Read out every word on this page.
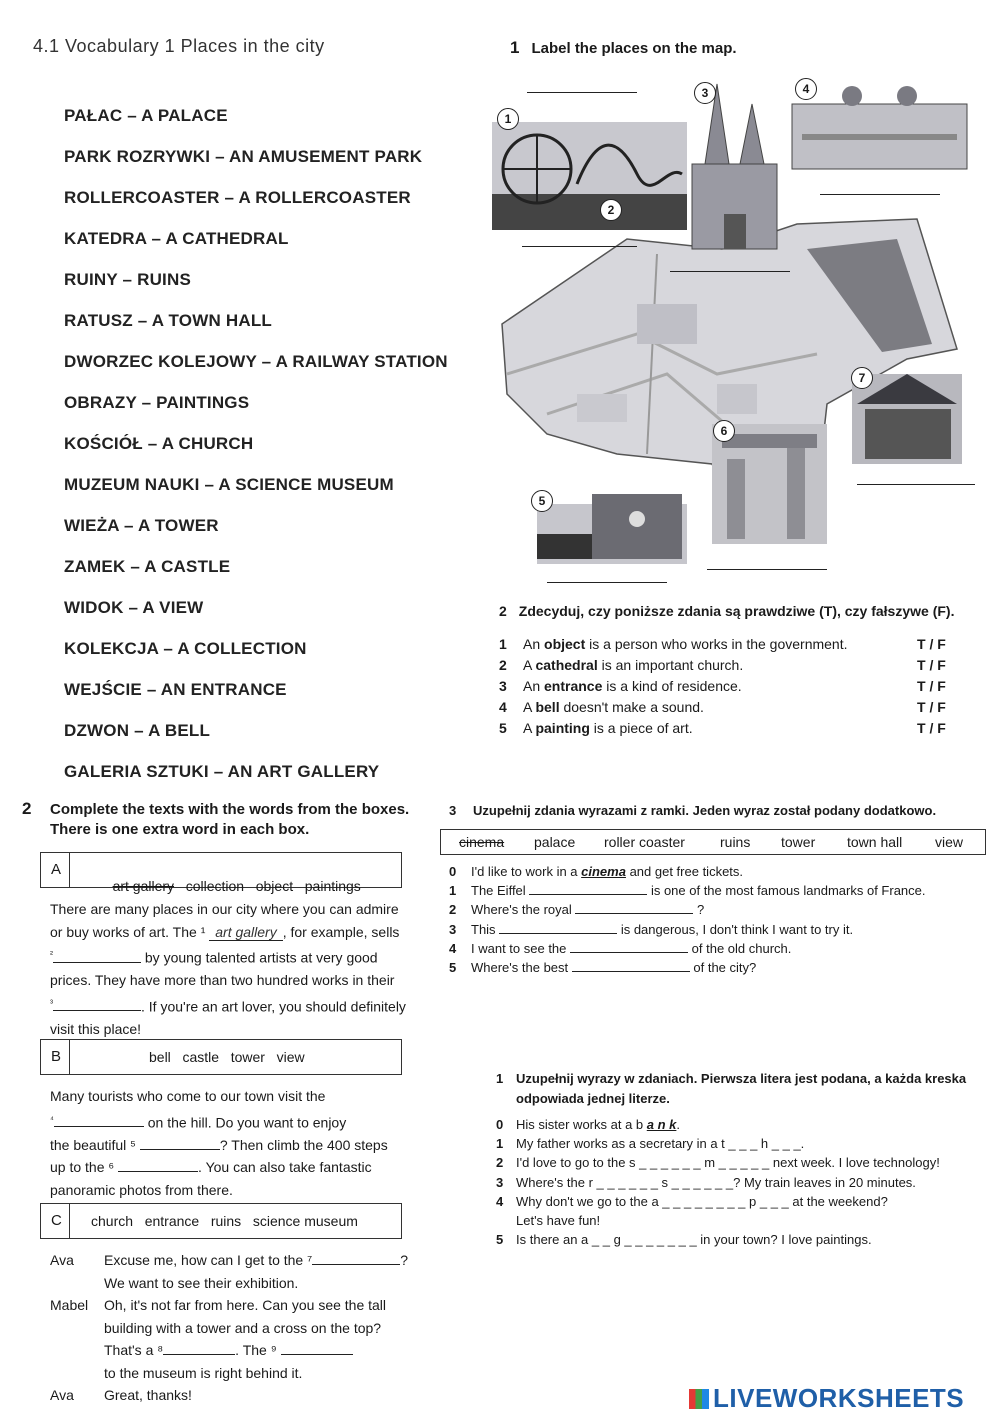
4.1 Vocabulary 1 Places in the city
PAŁAC – A PALACE
PARK ROZRYWKI – AN AMUSEMENT PARK
ROLLERCOASTER – A ROLLERCOASTER
KATEDRA – A CATHEDRAL
RUINY – RUINS
RATUSZ – A TOWN HALL
DWORZEC KOLEJOWY – A RAILWAY STATION
OBRAZY – PAINTINGS
KOŚCIÓŁ – A CHURCH
MUZEUM NAUKI – A SCIENCE MUSEUM
WIEŻA – A TOWER
ZAMEK – A CASTLE
WIDOK – A VIEW
KOLEKCJA – A COLLECTION
WEJŚCIE – AN ENTRANCE
DZWON – A BELL
GALERIA SZTUKI – AN ART GALLERY
1 Label the places on the map.
1
2
3	4
5
6
7
2 Zdecyduj, czy poniższe zdania są prawdziwe (T), czy fałszywe (F).
1 An object is a person who works in the government.	T / F
2 A cathedral is an important church.	T / F
3 An entrance is a kind of residence.	T / F
4 A bell doesn't make a sound.	T / F
5 A painting is a piece of art.	T / F
2 Complete the texts with the words from the boxes.
There is one extra word in each box.
A

art gallery collection   object   paintings

There are many places in our city where you can admire
or buy works of art. The ¹ art gallery , for example, sells
$^{^2}$	by young talented artists at very good
prices. They have more than two hundred works in their
$^{^3}$	. If you're an art lover, you should definitely
visit this place!
B	bell   castle   tower   view
Many tourists who come to our town visit the
$^{^4}$	on the hill. Do you want to enjoy
the beautiful ⁵	? Then climb the 400 steps
up to the ⁶	. You can also take fantastic
panoramic photos from there.
C church   entrance   ruins   science museum
Ava Excuse me, how can I get to the ⁷	?
We want to see their exhibition.
Mabel Oh, it's not far from here. Can you see the tall
building with a tower and a cross on the top?
That's a ⁸	. The ⁹
to the museum is right behind it.
Ava Great, thanks!
3 Uzupełnij zdania wyrazami z ramki. Jeden wyraz został podany dodatkowo.
cinema palace roller coaster	ruins tower town hall view
0 I'd like to work in a cinema and get free tickets.
1 The Eiffel	is one of the most famous landmarks of France.
2 Where's the royal	?
3 This	is dangerous, I don't think I want to try it.
4 I want to see the	of the old church.
5 Where's the best	of the city?
1 Uzupełnij wyrazy w zdaniach. Pierwsza litera jest podana, a każda kreska
odpowiada jednej literze.
0 His sister works at a b a n k.
1 My father works as a secretary in a t _ _ _ h _ _ _.
2 I'd love to go to the s _ _ _ _ _ _ m _ _ _ _ _ next week. I love technology!
3 Where's the r _ _ _ _ _ _ s _ _ _ _ _ _? My train leaves in 20 minutes.
4 Why don't we go to the a _ _ _ _ _ _ _ _ p _ _ _ at the weekend?
Let's have fun!
5 Is there an a _ _ g _ _ _ _ _ _ _ in your town? I love paintings.
LIVEWORKSHEETS
